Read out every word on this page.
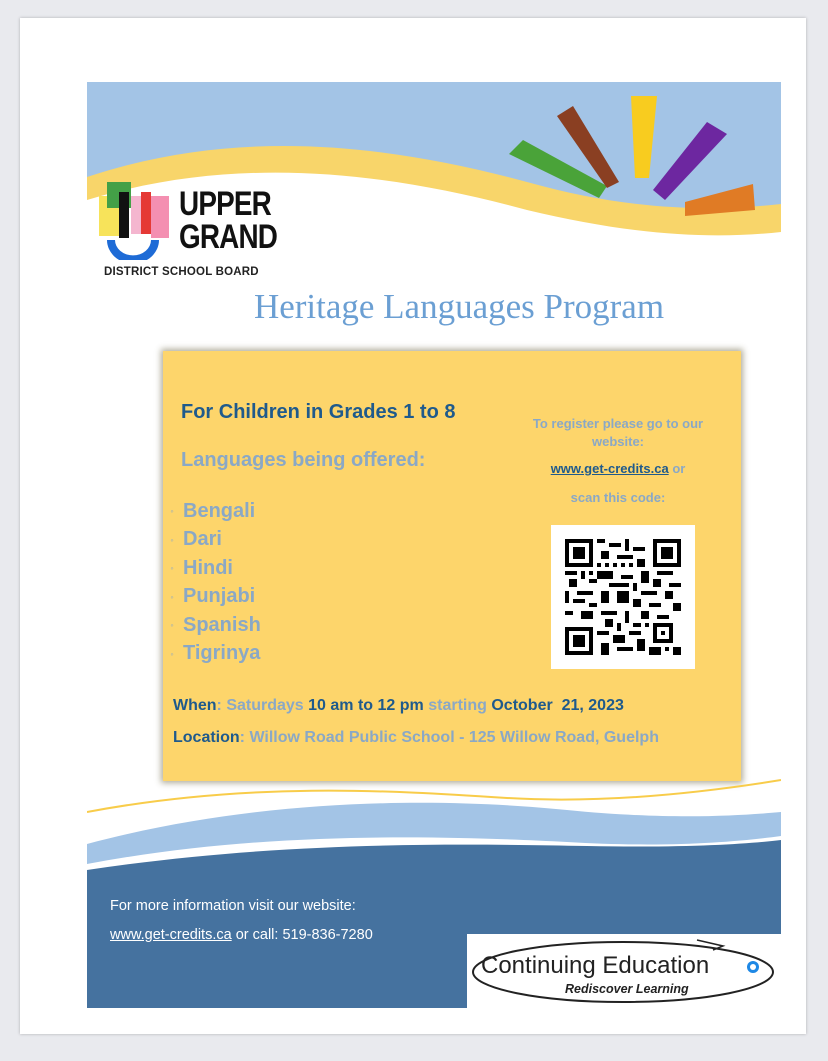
UPPER
GRAND
DISTRICT SCHOOL BOARD
Heritage Languages Program
For Children in Grades 1 to 8
Languages being offered:
◦ Bengali
◦ Dari
◦ Hindi
◦ Punjabi
◦ Spanish
◦ Tigrinya
To register please go to our website:
www.get-credits.ca or
scan this code:
When: Saturdays 10 am to 12 pm starting October  21, 2023
Location: Willow Road Public School - 125 Willow Road, Guelph
For more information visit our website:
www.get-credits.ca or call: 519-836-7280
Continuing Education
Rediscover Learning
